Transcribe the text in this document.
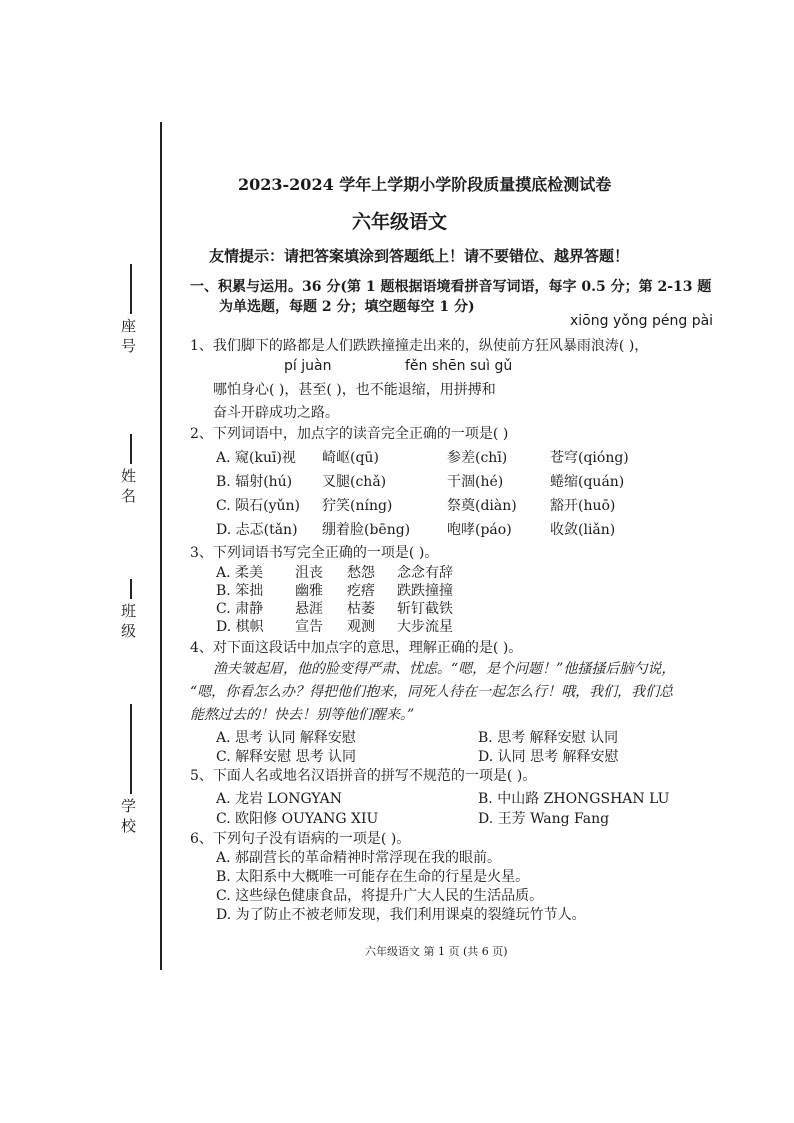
座 号
姓 名
班 级
学 校
2023-2024 学年上学期小学阶段质量摸底检测试卷
六年级语文
友情提示：请把答案填涂到答题纸上！请不要错位、越界答题！
一、积累与运用。36 分(第 1 题根据语境看拼音写词语，每字 0.5 分；第 2-13 题
为单选题，每题 2 分；填空题每空 1 分)
xiōng yǒng péng pài
1、我们脚下的路都是人们跌跌撞撞走出来的，纵使前方狂风暴雨浪涛( )，
pí juàn	fěn shēn suì gǔ
哪怕身心( )，甚至( )，也不能退缩，用拼搏和
奋斗开辟成功之路。
2、下列词语中，加点字的读音完全正确的一项是( )
A. 窥(kuī)视 崎岖(qū)	参差(chī)	苍穹(qióng)
B. 辐射(hú) 叉腿(chǎ)	干涸(hé)	蜷缩(quán)
C. 陨石(yǔn) 狞笑(níng)	祭奠(diàn) 豁开(huō)
D. 忐忑(tǎn) 绷着脸(bēng)	咆哮(páo)	收敛(liǎn)
3、下列词语书写完全正确的一项是( )。
A. 柔美 沮丧 愁怨 念念有辞
B. 笨拙 幽雅 疙瘩 跌跌撞撞
C. 肃静 悬涯 枯萎 斩钉截铁
D. 棋帜 宣告 观测 大步流星
4、对下面这段话中加点字的意思，理解正确的是( )。
渔夫皱起眉，他的脸变得严肃、忧虑。“嗯，是个问题！”他搔搔后脑勺说，
“嗯，你看怎么办？得把他们抱来，同死人待在一起怎么行！哦，我们，我们总
能熬过去的！快去！别等他们醒来。”
A. 思考 认同 解释安慰	B. 思考 解释安慰 认同
C. 解释安慰 思考 认同	D. 认同 思考 解释安慰
5、下面人名或地名汉语拼音的拼写不规范的一项是( )。
A. 龙岩 LONGYAN	B. 中山路 ZHONGSHAN LU
C. 欧阳修 OUYANG XIU	D. 王芳 Wang Fang
6、下列句子没有语病的一项是( )。
A. 郝副营长的革命精神时常浮现在我的眼前。
B. 太阳系中大概唯一可能存在生命的行星是火星。
C. 这些绿色健康食品，将提升广大人民的生活品质。
D. 为了防止不被老师发现，我们利用课桌的裂缝玩竹节人。
六年级语文 第 1 页 (共 6 页)
